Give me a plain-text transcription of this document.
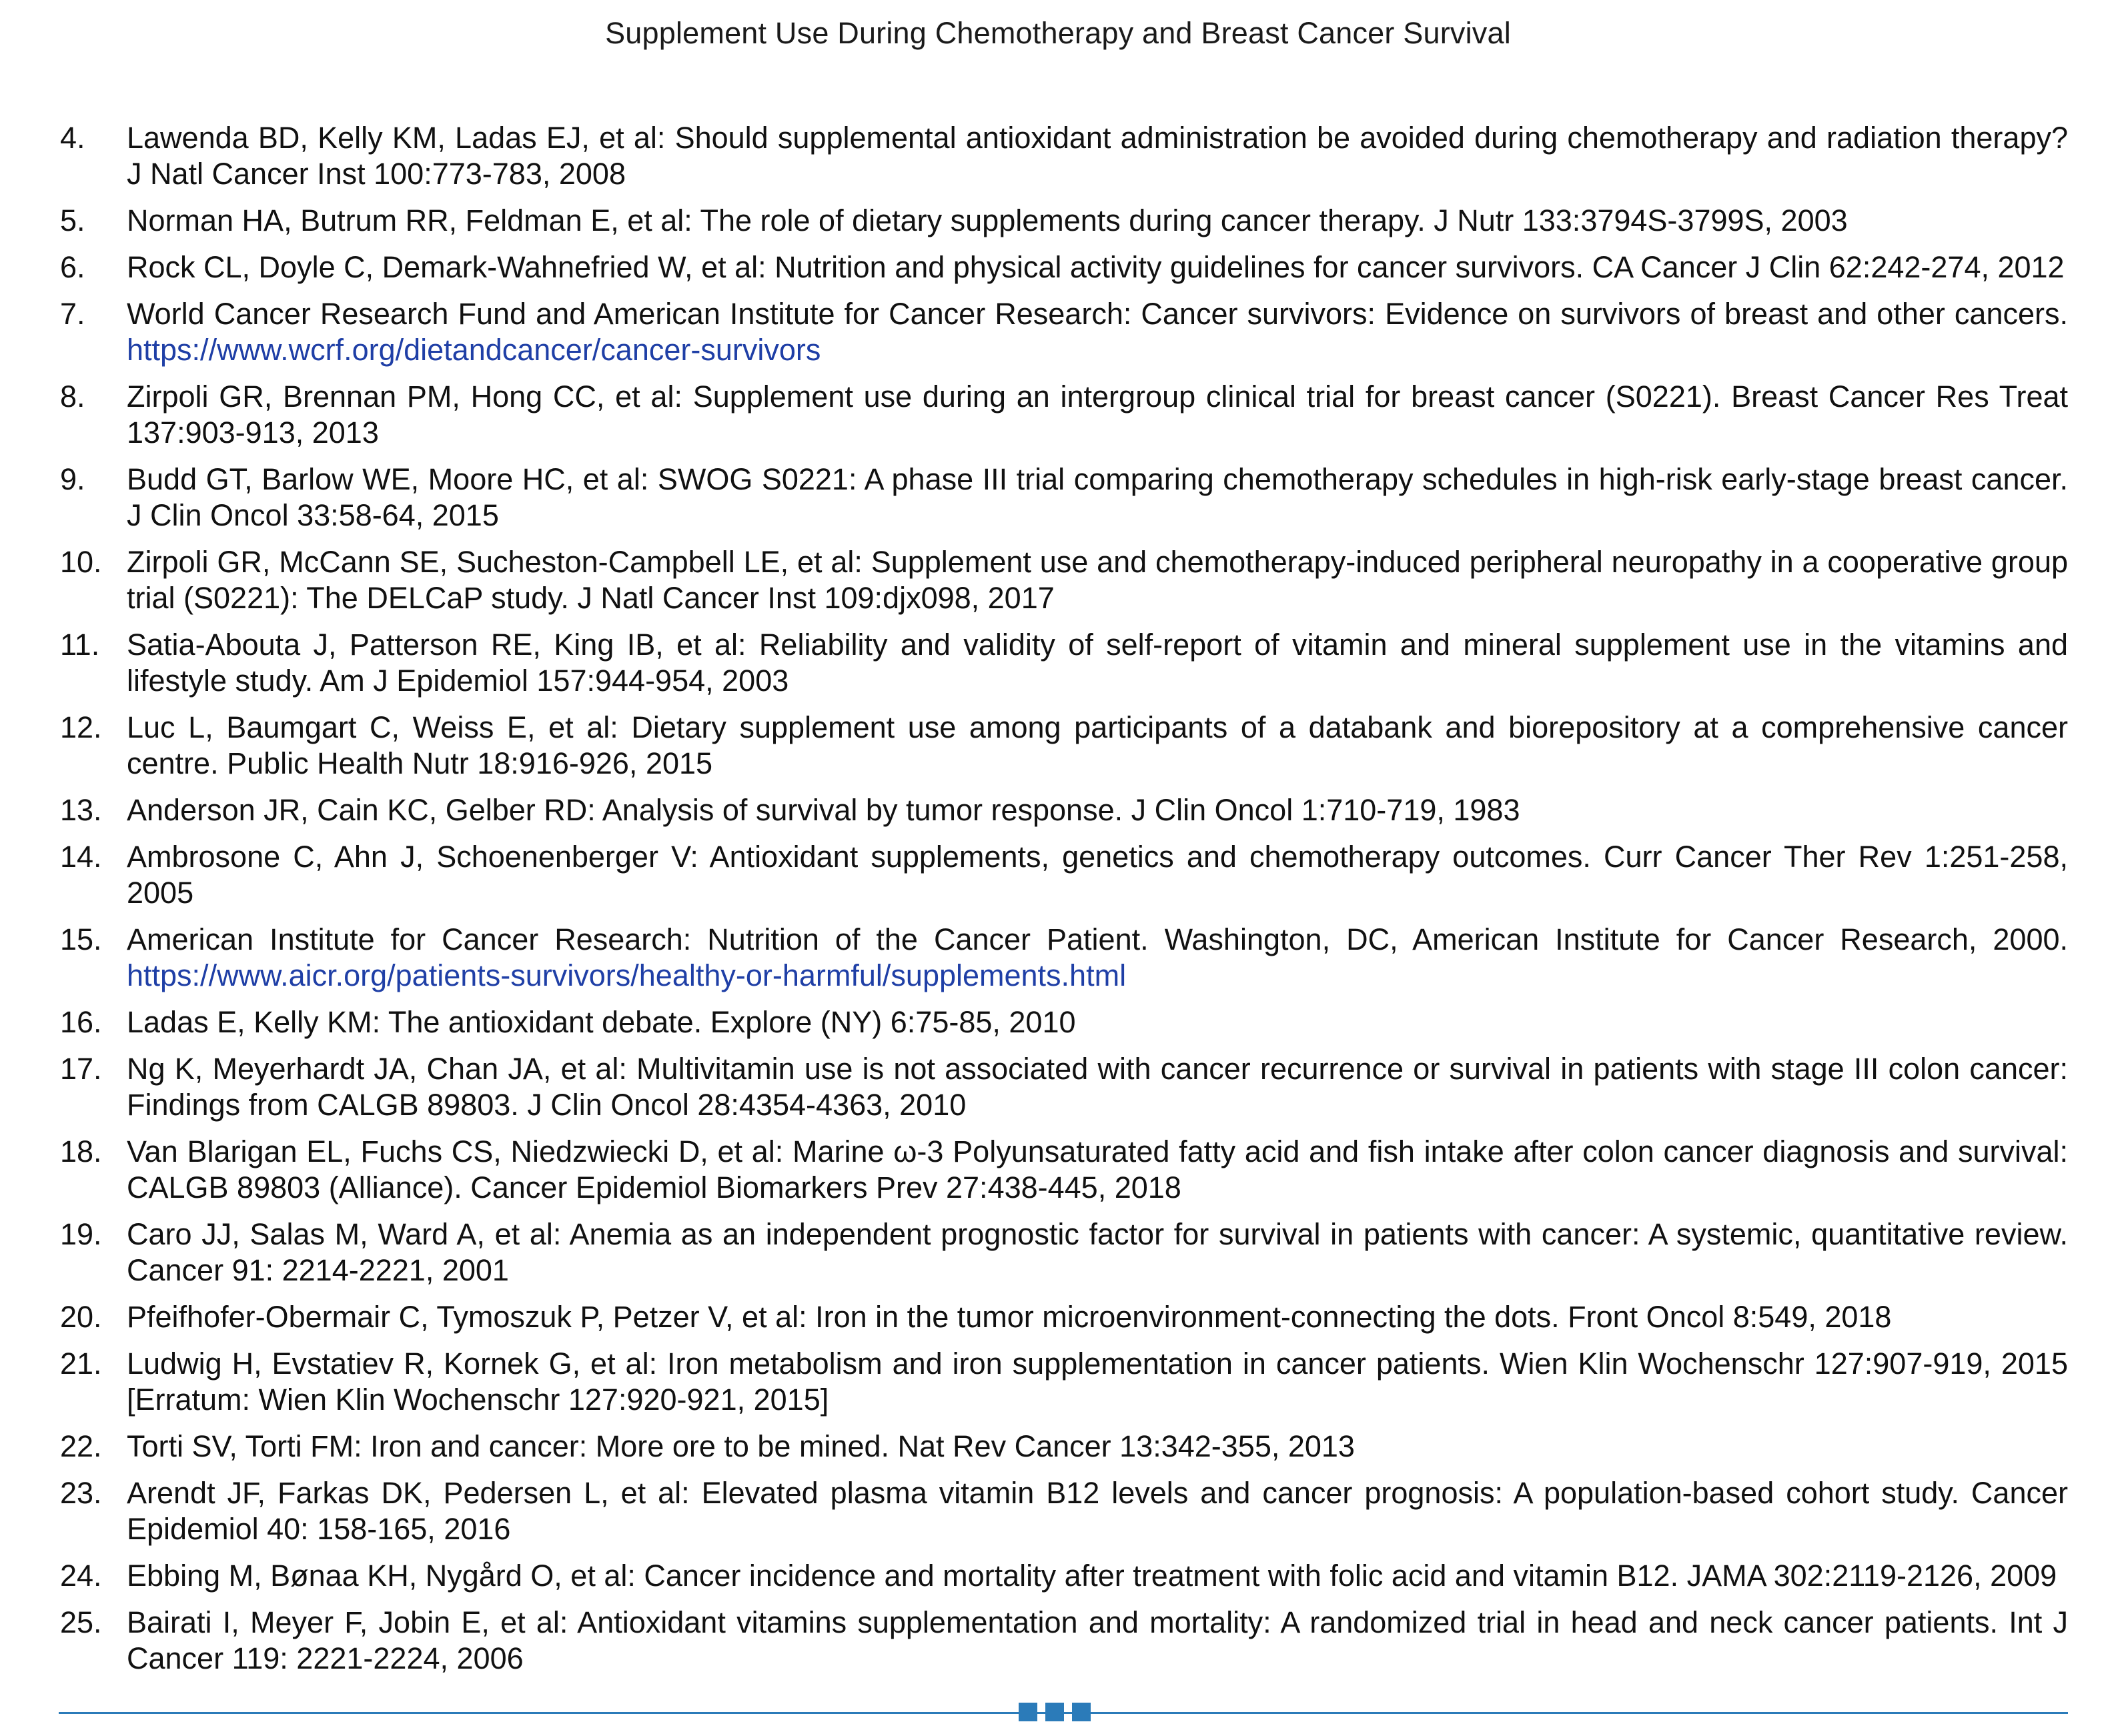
Supplement Use During Chemotherapy and Breast Cancer Survival
4.	Lawenda BD, Kelly KM, Ladas EJ, et al: Should supplemental antioxidant administration be avoided during chemotherapy and radiation therapy? J Natl Cancer Inst 100:773-783, 2008
5.	Norman HA, Butrum RR, Feldman E, et al: The role of dietary supplements during cancer therapy. J Nutr 133:3794S-3799S, 2003
6.	Rock CL, Doyle C, Demark-Wahnefried W, et al: Nutrition and physical activity guidelines for cancer survivors. CA Cancer J Clin 62:242-274, 2012
7.	World Cancer Research Fund and American Institute for Cancer Research: Cancer survivors: Evidence on survivors of breast and other cancers. https://www.wcrf.org/dietandcancer/cancer-survivors
8.	Zirpoli GR, Brennan PM, Hong CC, et al: Supplement use during an intergroup clinical trial for breast cancer (S0221). Breast Cancer Res Treat 137:903-913, 2013
9.	Budd GT, Barlow WE, Moore HC, et al: SWOG S0221: A phase III trial comparing chemotherapy schedules in high-risk early-stage breast cancer. J Clin Oncol 33:58-64, 2015
10. Zirpoli GR, McCann SE, Sucheston-Campbell LE, et al: Supplement use and chemotherapy-induced peripheral neuropathy in a cooperative group trial (S0221): The DELCaP study. J Natl Cancer Inst 109:djx098, 2017
11. Satia-Abouta J, Patterson RE, King IB, et al: Reliability and validity of self-report of vitamin and mineral supplement use in the vitamins and lifestyle study. Am J Epidemiol 157:944-954, 2003
12. Luc L, Baumgart C, Weiss E, et al: Dietary supplement use among participants of a databank and biorepository at a comprehensive cancer centre. Public Health Nutr 18:916-926, 2015
13. Anderson JR, Cain KC, Gelber RD: Analysis of survival by tumor response. J Clin Oncol 1:710-719, 1983
14. Ambrosone C, Ahn J, Schoenenberger V: Antioxidant supplements, genetics and chemotherapy outcomes. Curr Cancer Ther Rev 1:251-258, 2005
15. American Institute for Cancer Research: Nutrition of the Cancer Patient. Washington, DC, American Institute for Cancer Research, 2000. https://www.aicr.org/patients-survivors/healthy-or-harmful/supplements.html
16. Ladas E, Kelly KM: The antioxidant debate. Explore (NY) 6:75-85, 2010
17. Ng K, Meyerhardt JA, Chan JA, et al: Multivitamin use is not associated with cancer recurrence or survival in patients with stage III colon cancer: Findings from CALGB 89803. J Clin Oncol 28:4354-4363, 2010
18. Van Blarigan EL, Fuchs CS, Niedzwiecki D, et al: Marine ω-3 Polyunsaturated fatty acid and fish intake after colon cancer diagnosis and survival: CALGB 89803 (Alliance). Cancer Epidemiol Biomarkers Prev 27:438-445, 2018
19. Caro JJ, Salas M, Ward A, et al: Anemia as an independent prognostic factor for survival in patients with cancer: A systemic, quantitative review. Cancer 91: 2214-2221, 2001
20. Pfeifhofer-Obermair C, Tymoszuk P, Petzer V, et al: Iron in the tumor microenvironment-connecting the dots. Front Oncol 8:549, 2018
21. Ludwig H, Evstatiev R, Kornek G, et al: Iron metabolism and iron supplementation in cancer patients. Wien Klin Wochenschr 127:907-919, 2015 [Erratum: Wien Klin Wochenschr 127:920-921, 2015]
22. Torti SV, Torti FM: Iron and cancer: More ore to be mined. Nat Rev Cancer 13:342-355, 2013
23. Arendt JF, Farkas DK, Pedersen L, et al: Elevated plasma vitamin B12 levels and cancer prognosis: A population-based cohort study. Cancer Epidemiol 40: 158-165, 2016
24. Ebbing M, Bønaa KH, Nygård O, et al: Cancer incidence and mortality after treatment with folic acid and vitamin B12. JAMA 302:2119-2126, 2009
25. Bairati I, Meyer F, Jobin E, et al: Antioxidant vitamins supplementation and mortality: A randomized trial in head and neck cancer patients. Int J Cancer 119: 2221-2224, 2006
